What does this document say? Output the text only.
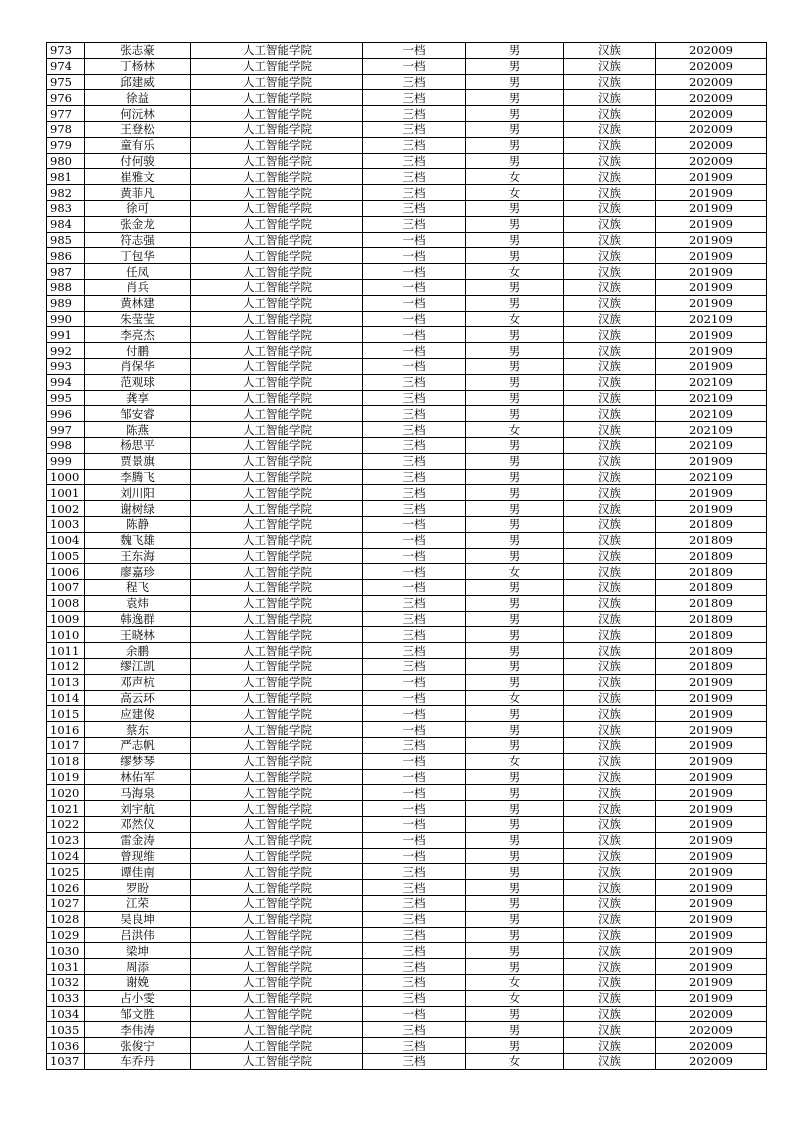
973	张志豪	人工智能学院	一档	男	汉族	202009
974	丁杨林	人工智能学院	一档	男	汉族	202009
975	邱建威	人工智能学院	三档	男	汉族	202009
976	徐益	人工智能学院	三档	男	汉族	202009
977	何沅林	人工智能学院	三档	男	汉族	202009
978	王登松	人工智能学院	三档	男	汉族	202009
979	童有乐	人工智能学院	三档	男	汉族	202009
980	付何骏	人工智能学院	三档	男	汉族	202009
981	崔雅文	人工智能学院	三档	女	汉族	201909
982	黄菲凡	人工智能学院	三档	女	汉族	201909
983	徐可	人工智能学院	三档	男	汉族	201909
984	张金龙	人工智能学院	三档	男	汉族	201909
985	符志强	人工智能学院	一档	男	汉族	201909
986	丁包华	人工智能学院	一档	男	汉族	201909
987	任凤	人工智能学院	一档	女	汉族	201909
988	肖兵	人工智能学院	一档	男	汉族	201909
989	黄林建	人工智能学院	一档	男	汉族	201909
990	朱莹莹	人工智能学院	一档	女	汉族	202109
991	李亮杰	人工智能学院	一档	男	汉族	201909
992	付鹏	人工智能学院	一档	男	汉族	201909
993	肖保华	人工智能学院	一档	男	汉族	201909
994	范观球	人工智能学院	三档	男	汉族	202109
995	龚享	人工智能学院	三档	男	汉族	202109
996	邹安睿	人工智能学院	三档	男	汉族	202109
997	陈燕	人工智能学院	三档	女	汉族	202109
998	杨思平	人工智能学院	三档	男	汉族	202109
999	贾景旗	人工智能学院	三档	男	汉族	201909
1000	李腾飞	人工智能学院	三档	男	汉族	202109
1001	刘川阳	人工智能学院	三档	男	汉族	201909
1002	谢树绿	人工智能学院	三档	男	汉族	201909
1003	陈静	人工智能学院	一档	男	汉族	201809
1004	魏飞雄	人工智能学院	一档	男	汉族	201809
1005	王东海	人工智能学院	一档	男	汉族	201809
1006	廖嘉珍	人工智能学院	一档	女	汉族	201809
1007	程飞	人工智能学院	一档	男	汉族	201809
1008	袁炜	人工智能学院	三档	男	汉族	201809
1009	韩逸群	人工智能学院	三档	男	汉族	201809
1010	王晓林	人工智能学院	三档	男	汉族	201809
1011	余鹏	人工智能学院	三档	男	汉族	201809
1012	缪江凯	人工智能学院	三档	男	汉族	201809
1013	邓声杭	人工智能学院	一档	男	汉族	201909
1014	高云环	人工智能学院	一档	女	汉族	201909
1015	应建俊	人工智能学院	一档	男	汉族	201909
1016	蔡东	人工智能学院	一档	男	汉族	201909
1017	严志帆	人工智能学院	三档	男	汉族	201909
1018	缪梦琴	人工智能学院	一档	女	汉族	201909
1019	林佑军	人工智能学院	一档	男	汉族	201909
1020	马海泉	人工智能学院	一档	男	汉族	201909
1021	刘宇航	人工智能学院	一档	男	汉族	201909
1022	邓然仪	人工智能学院	一档	男	汉族	201909
1023	雷金涛	人工智能学院	一档	男	汉族	201909
1024	曾现维	人工智能学院	一档	男	汉族	201909
1025	谭佳南	人工智能学院	三档	男	汉族	201909
1026	罗盼	人工智能学院	三档	男	汉族	201909
1027	江荣	人工智能学院	三档	男	汉族	201909
1028	吴良坤	人工智能学院	三档	男	汉族	201909
1029	吕洪伟	人工智能学院	三档	男	汉族	201909
1030	梁坤	人工智能学院	三档	男	汉族	201909
1031	周添	人工智能学院	三档	男	汉族	201909
1032	谢娩	人工智能学院	三档	女	汉族	201909
1033	占小雯	人工智能学院	三档	女	汉族	201909
1034	邹文胜	人工智能学院	一档	男	汉族	202009
1035	李伟涛	人工智能学院	三档	男	汉族	202009
1036	张俊宁	人工智能学院	三档	男	汉族	202009
1037	车乔丹	人工智能学院	三档	女	汉族	202009
